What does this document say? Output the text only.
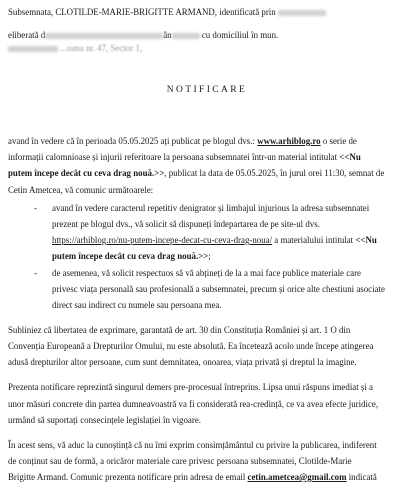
Subsemnata, CLOTILDE-MARIE-BRIGITTE ARMAND, identificată prin
eliberată d	ân	cu domiciliul în mun.
...oana nr. 47, Sector 1,
NOTIFICARE
avand în vedere că în perioada 05.05.2025 ați publicat pe blogul dvs.: www.arhiblog.ro o serie de
informații calomnioase și injurii referitoare la persoana subsemnatei într-un material intitulat <<Nu
putem începe decât cu ceva drag nouă.>>, publicat la data de 05.05.2025, în jurul orei 11:30, semnat de
Cetin Ametcea, vă comunic următoarele:
- avand în vedere caracterul repetitiv denigrator și limbajul injurious la adresa subsemnatei
prezent pe blogul dvs., vă solicit să dispuneți îndepartarea de pe site-ul dvs.
https://arhiblog.ro/nu-putem-incepe-decat-cu-ceva-drag-noua/ a materialului intitulat <<Nu
putem începe decât cu ceva drag nouă.>>;
- de asemenea, vă solicit respectuos să vă abțineți de la a mai face publice materiale care
privesc viața personală sau profesională a subsemnatei, precum și orice alte chestiuni asociate
direct sau indirect cu numele sau persoana mea.
Subliniez că libertatea de exprimare, garantată de art. 30 din Constituția României și art. 1 O din
Convenția Europeană a Drepturilor Omului, nu este absolută. Ea încetează acolo unde începe atingerea
adusă drepturilor altor persoane, cum sunt demnitatea, onoarea, viața privată și dreptul la imagine.
Prezenta notificare reprezintă singurul demers pre-procesual întreprins. Lipsa unui răspuns imediat și a
unor măsuri concrete din partea dumneavoastră va fi considerată rea-credință, ce va avea efecte juridice,
urmând să suportați consecințele legislației în vigoare.
În acest sens, vă aduc la cunoștință că nu îmi exprim consimțământul cu privire la publicarea, indiferent
de conținut sau de formă, a oricăror materiale care privesc persoana subsemnatei, Clotilde-Marie
Brigitte Armand. Comunic prezenta notificare prin adresa de email cetin.ametcea@gmail.com indicată
